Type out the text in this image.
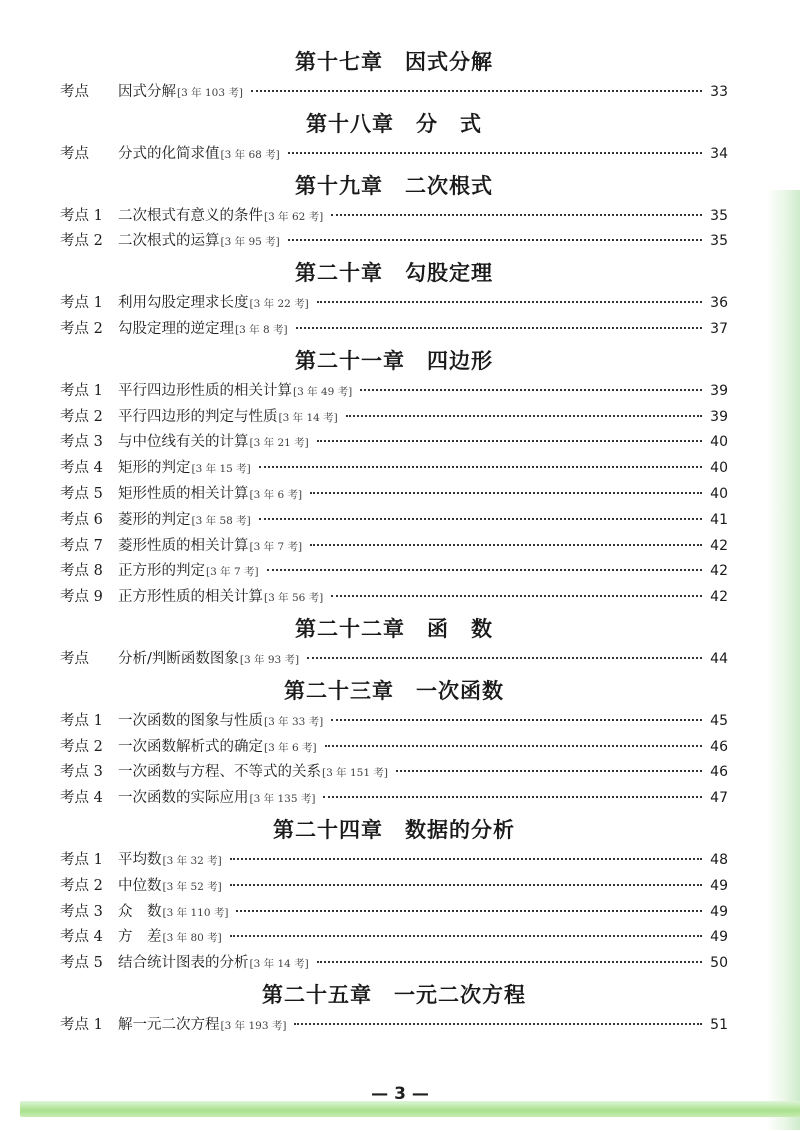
第十七章　因式分解
考点	因式分解 [3 年 103 考]	33
第十八章　分　式
考点	分式的化简求值 [3 年 68 考]	34
第十九章　二次根式
考点 1	二次根式有意义的条件 [3 年 62 考]	35
考点 2	二次根式的运算 [3 年 95 考]	35
第二十章　勾股定理
考点 1	利用勾股定理求长度 [3 年 22 考]	36
考点 2	勾股定理的逆定理 [3 年 8 考]	37
第二十一章　四边形
考点 1	平行四边形性质的相关计算 [3 年 49 考]	39
考点 2	平行四边形的判定与性质 [3 年 14 考]	39
考点 3	与中位线有关的计算 [3 年 21 考]	40
考点 4	矩形的判定 [3 年 15 考]	40
考点 5	矩形性质的相关计算 [3 年 6 考]	40
考点 6	菱形的判定 [3 年 58 考]	41
考点 7	菱形性质的相关计算 [3 年 7 考]	42
考点 8	正方形的判定 [3 年 7 考]	42
考点 9	正方形性质的相关计算 [3 年 56 考]	42
第二十二章　函　数
考点	分析/判断函数图象 [3 年 93 考]	44
第二十三章　一次函数
考点 1	一次函数的图象与性质 [3 年 33 考]	45
考点 2	一次函数解析式的确定 [3 年 6 考]	46
考点 3	一次函数与方程、不等式的关系 [3 年 151 考]	46
考点 4	一次函数的实际应用 [3 年 135 考]	47
第二十四章　数据的分析
考点 1	平均数 [3 年 32 考]	48
考点 2	中位数 [3 年 52 考]	49
考点 3	众　数 [3 年 110 考]	49
考点 4	方　差 [3 年 80 考]	49
考点 5	结合统计图表的分析 [3 年 14 考]	50
第二十五章　一元二次方程
考点 1	解一元二次方程 [3 年 193 考]	51
— 3 —
